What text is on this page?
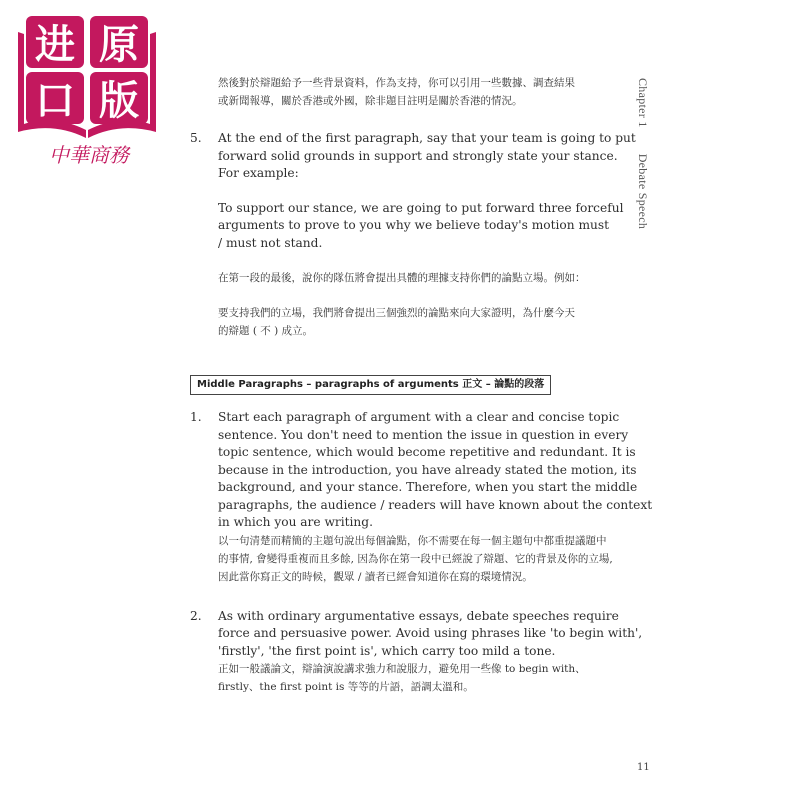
进 原
口 版
中華商務
Chapter 1Debate Speech

然後對於辯題給予一些背景資料，作為支持，你可以引用一些數據、調查結果
或新聞報導，關於香港或外國，除非題目註明是關於香港的情況。

5. At the end of the first paragraph, say that your team is going to put
forward solid grounds in support and strongly state your stance.
For example:

To support our stance, we are going to put forward three forceful
arguments to prove to you why we believe today's motion must
/ must not stand.

在第一段的最後，說你的隊伍將會提出具體的理據支持你們的論點立場。例如：

要支持我們的立場，我們將會提出三個強烈的論點來向大家證明，為什麼今天
的辯題 ( 不 ) 成立。

Middle Paragraphs – paragraphs of arguments 正文 – 論點的段落
1. Start each paragraph of argument with a clear and concise topic
sentence. You don't need to mention the issue in question in every
topic sentence, which would become repetitive and redundant. It is
because in the introduction, you have already stated the motion, its
background, and your stance. Therefore, when you start the middle
paragraphs, the audience / readers will have known about the context
in which you are writing.

以一句清楚而精簡的主題句說出每個論點，你不需要在每一個主題句中都重提議題中
的事情, 會變得重複而且多餘, 因為你在第一段中已經說了辯題、它的背景及你的立場,
因此當你寫正文的時候，觀眾 / 讀者已經會知道你在寫的環境情況。

2. As with ordinary argumentative essays, debate speeches require
force and persuasive power. Avoid using phrases like 'to begin with',
'firstly', 'the first point is', which carry too mild a tone.

正如一般議論文，辯論演說講求強力和說服力，避免用一些像 to begin with、
firstly、the first point is 等等的片語，語調太溫和。

11
